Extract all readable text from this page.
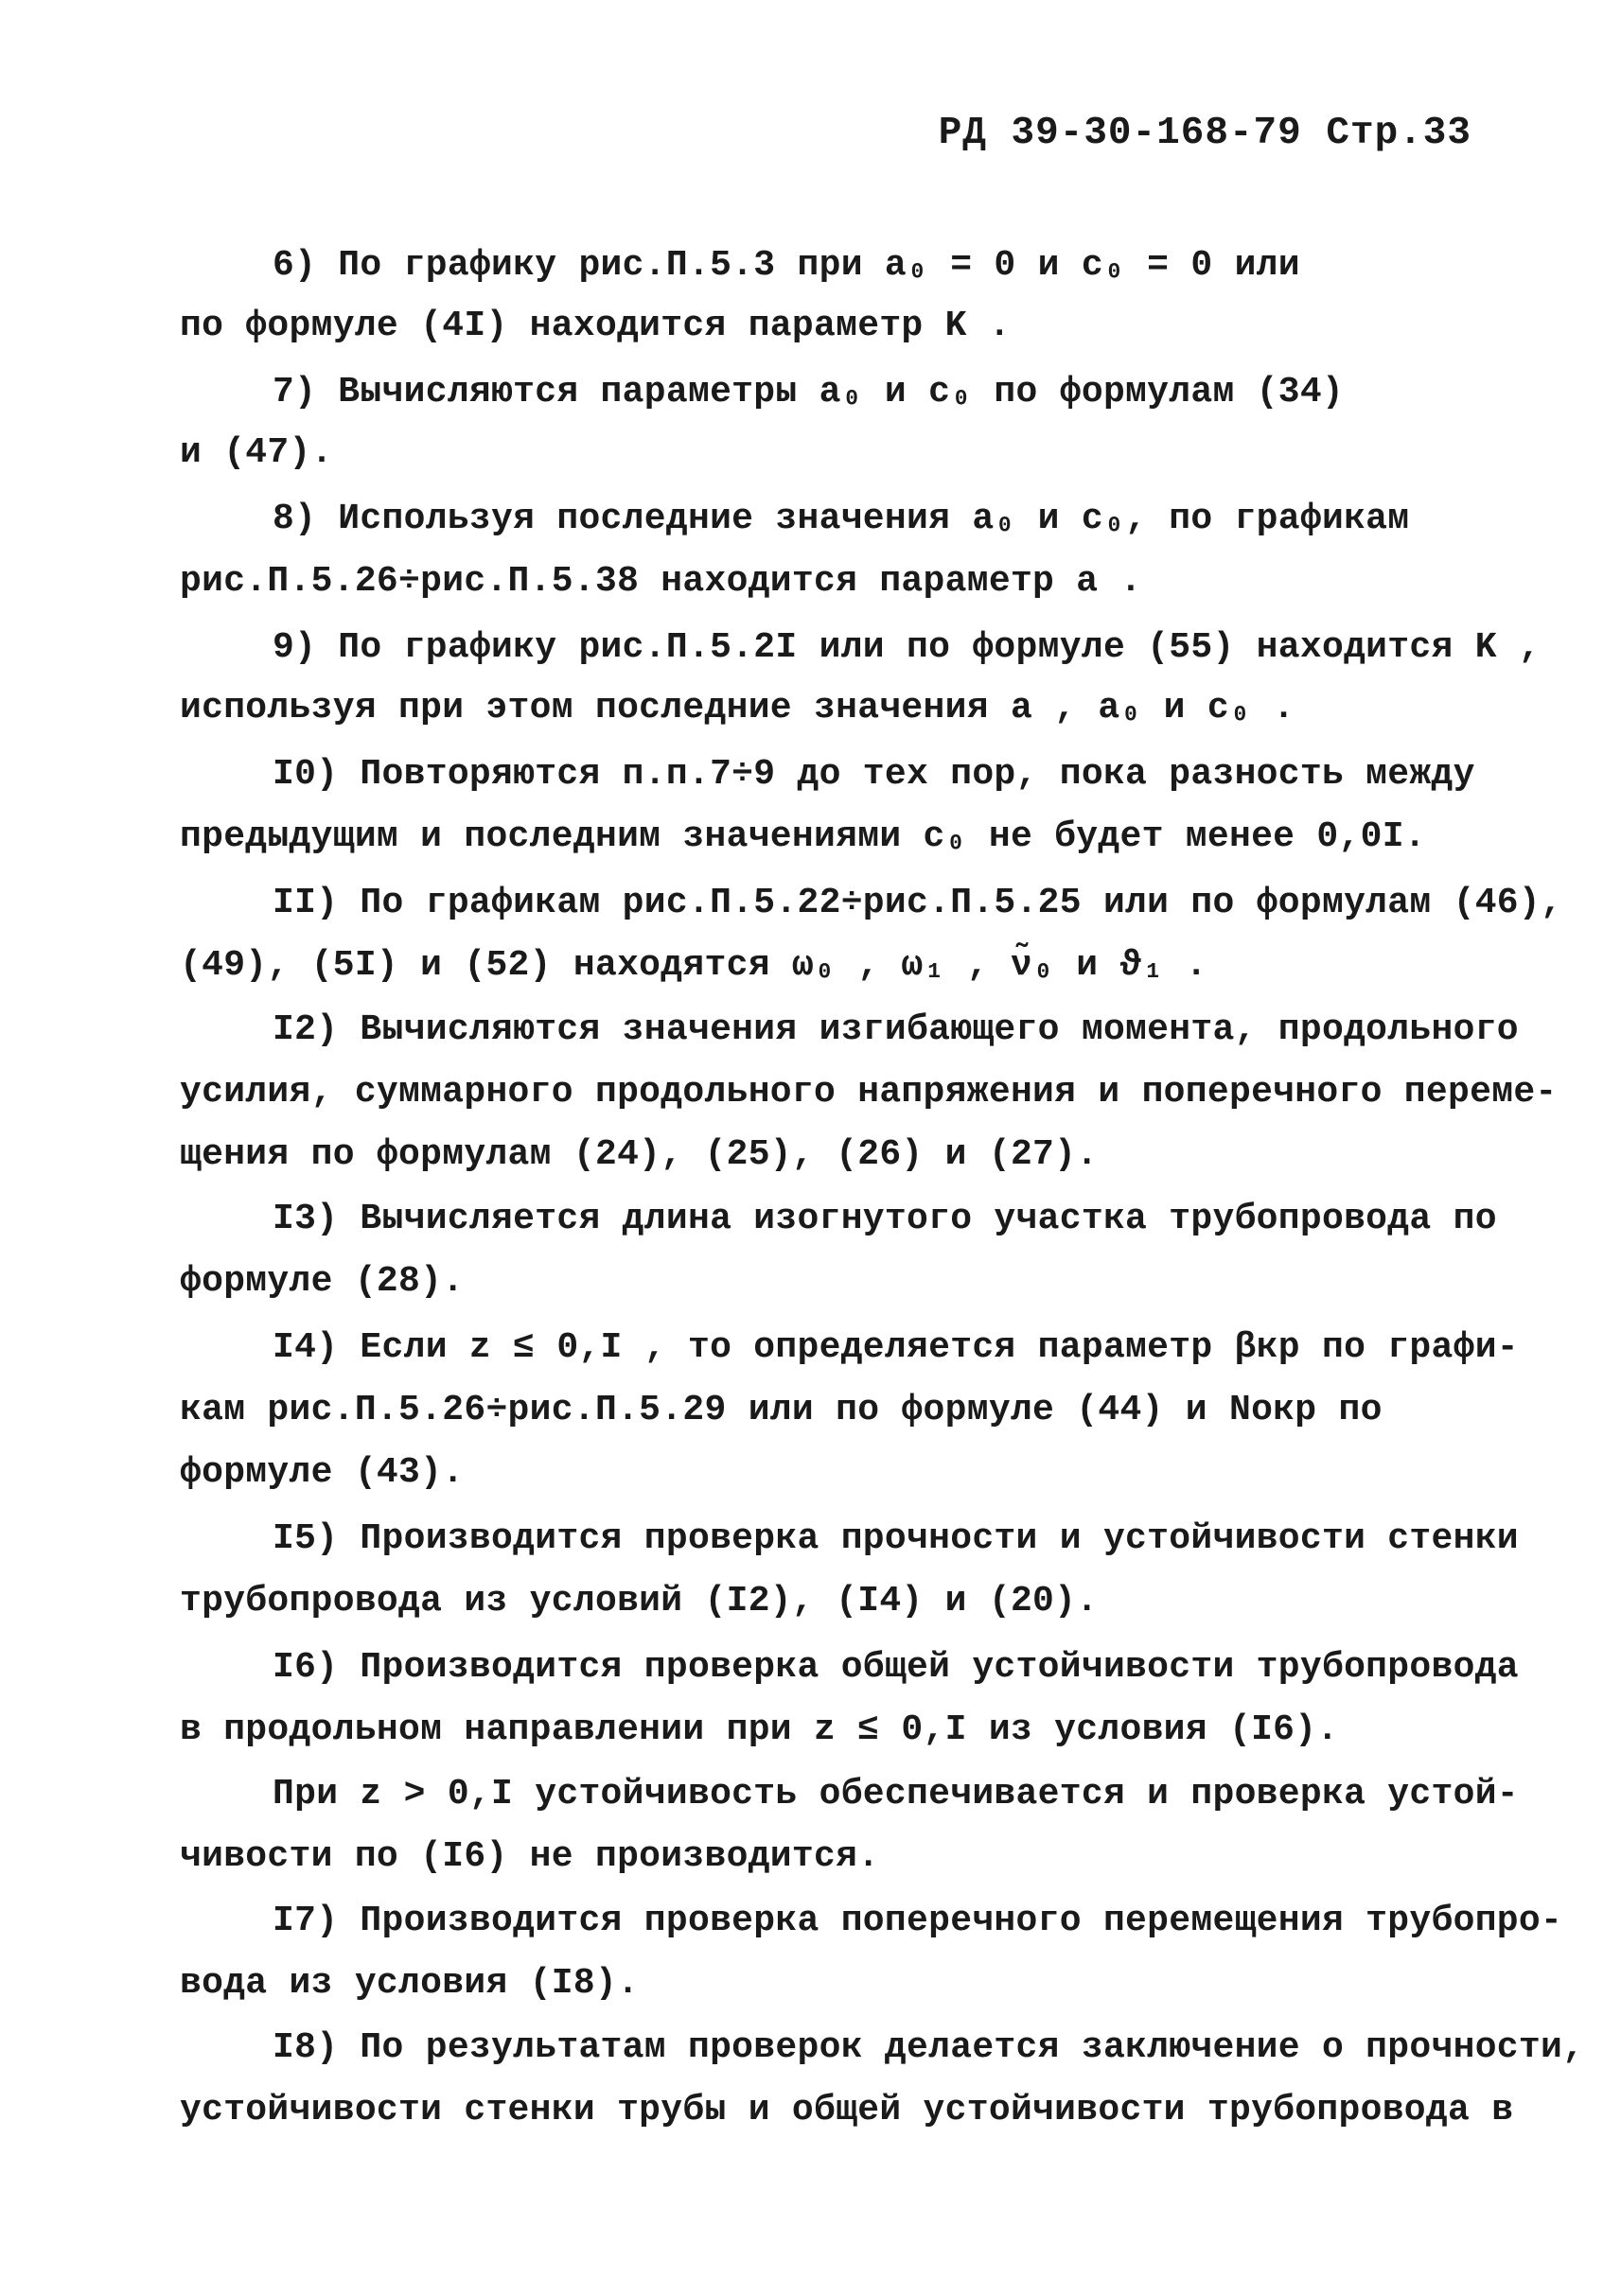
РД 39-30-168-79 Стр.33
6) По графику рис.П.5.3 при a₀ = 0 и c₀ = 0 или
по формуле (4I) находится параметр K .
7) Вычисляются параметры a₀ и c₀ по формулам (34)
и (47).
8) Используя последние значения a₀ и c₀, по графикам
рис.П.5.26÷рис.П.5.38 находится параметр a .
9) По графику рис.П.5.2I или по формуле (55) находится K ,
используя при этом последние значения a , a₀ и c₀ .
I0) Повторяются п.п.7÷9 до тех пор, пока разность между
предыдущим и последним значениями c₀ не будет менее 0,0I.
II) По графикам рис.П.5.22÷рис.П.5.25 или по формулам (46),
(49), (5I) и (52) находятся ω₀ , ω₁ , ν̃₀ и ϑ₁ .
I2) Вычисляются значения изгибающего момента, продольного
усилия, суммарного продольного напряжения и поперечного переме-
щения по формулам (24), (25), (26) и (27).
I3) Вычисляется длина изогнутого участка трубопровода по
формуле (28).
I4) Если z ≤ 0,I , то определяется параметр βкр по графи-
кам рис.П.5.26÷рис.П.5.29 или по формуле (44) и Nокр по
формуле (43).
I5) Производится проверка прочности и устойчивости стенки
трубопровода из условий (I2), (I4) и (20).
I6) Производится проверка общей устойчивости трубопровода
в продольном направлении при z ≤ 0,I из условия (I6).
При z > 0,I устойчивость обеспечивается и проверка устой-
чивости по (I6) не производится.
I7) Производится проверка поперечного перемещения трубопро-
вода из условия (I8).
I8) По результатам проверок делается заключение о прочности,
устойчивости стенки трубы и общей устойчивости трубопровода в
